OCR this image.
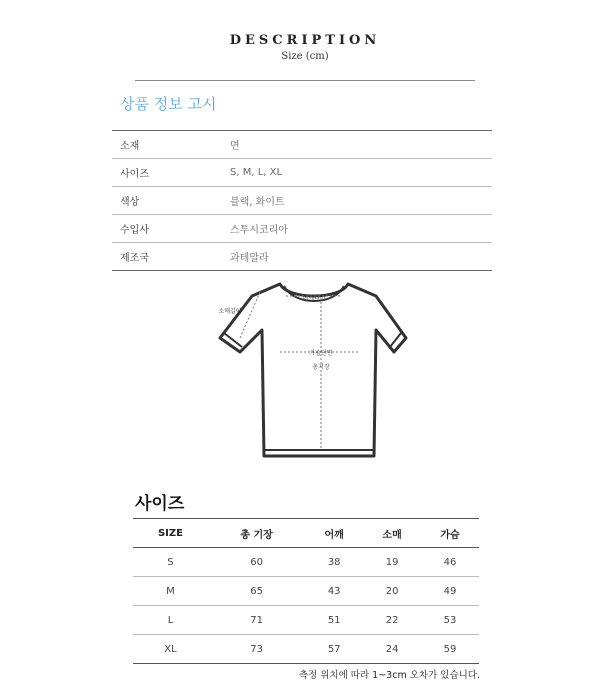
DESCRIPTION
Size (cm)
상품 정보 고시
소재	면
사이즈	S, M, L, XL
색상	블랙, 화이트
수입사	스투시코리아
제조국	과테말라
어깨너비
가슴단면
총기장
소매길이
사이즈
SIZE	총 기장	어깨	소매	가슴
S	60	38	19	46
M	65	43	20	49
L	71	51	22	53
XL	73	57	24	59
측정 위치에 따라 1~3cm 오차가 있습니다.
